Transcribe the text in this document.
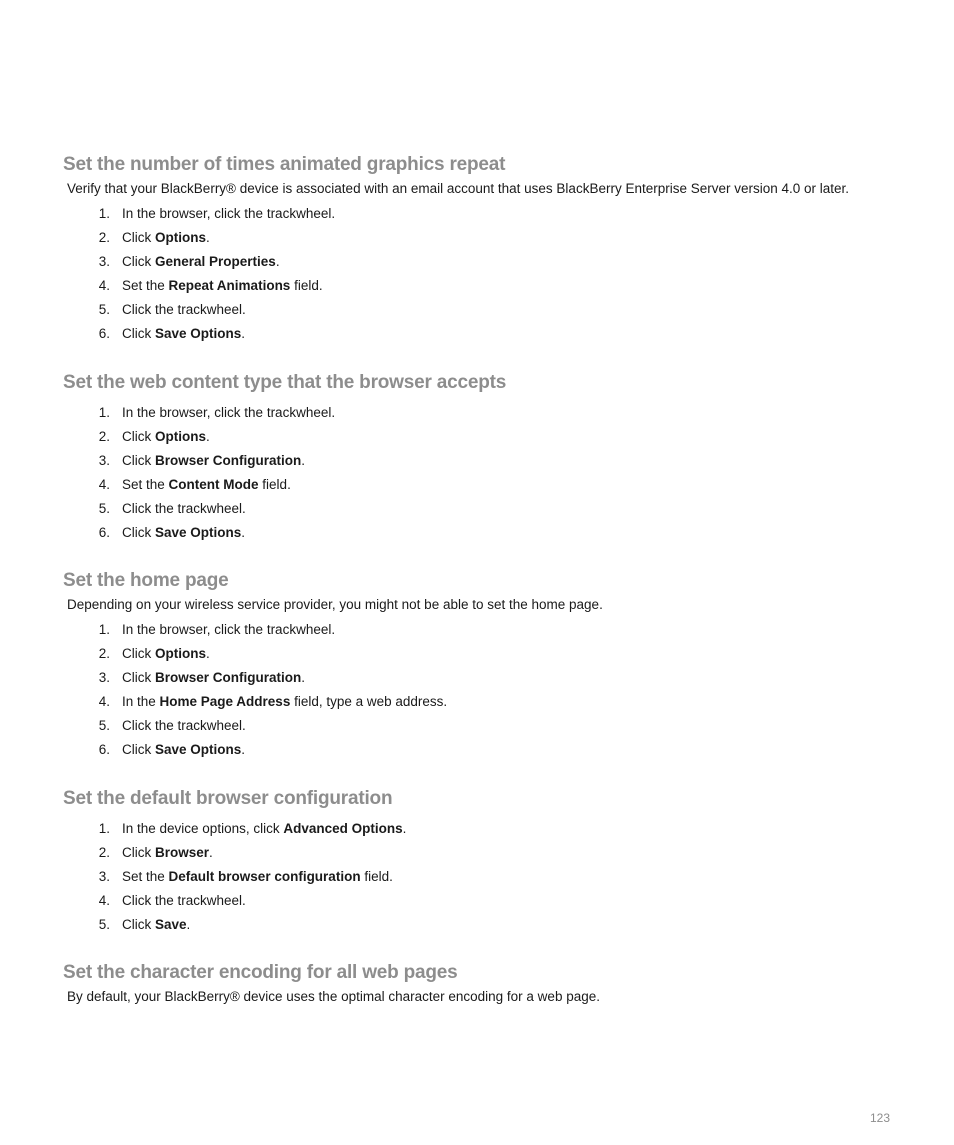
Set the number of times animated graphics repeat

Verify that your BlackBerry® device is associated with an email account that uses BlackBerry Enterprise Server version 4.0 or later.

1. In the browser, click the trackwheel.
2. Click Options.
3. Click General Properties.
4. Set the Repeat Animations field.
5. Click the trackwheel.
6. Click Save Options.
Set the web content type that the browser accepts
1. In the browser, click the trackwheel.
2. Click Options.
3. Click Browser Configuration.
4. Set the Content Mode field.
5. Click the trackwheel.
6. Click Save Options.
Set the home page

Depending on your wireless service provider, you might not be able to set the home page.

1. In the browser, click the trackwheel.
2. Click Options.
3. Click Browser Configuration.
4. In the Home Page Address field, type a web address.
5. Click the trackwheel.
6. Click Save Options.
Set the default browser configuration
1. In the device options, click Advanced Options.
2. Click Browser.
3. Set the Default browser configuration field.
4. Click the trackwheel.
5. Click Save.
Set the character encoding for all web pages

By default, your BlackBerry® device uses the optimal character encoding for a web page.

123
